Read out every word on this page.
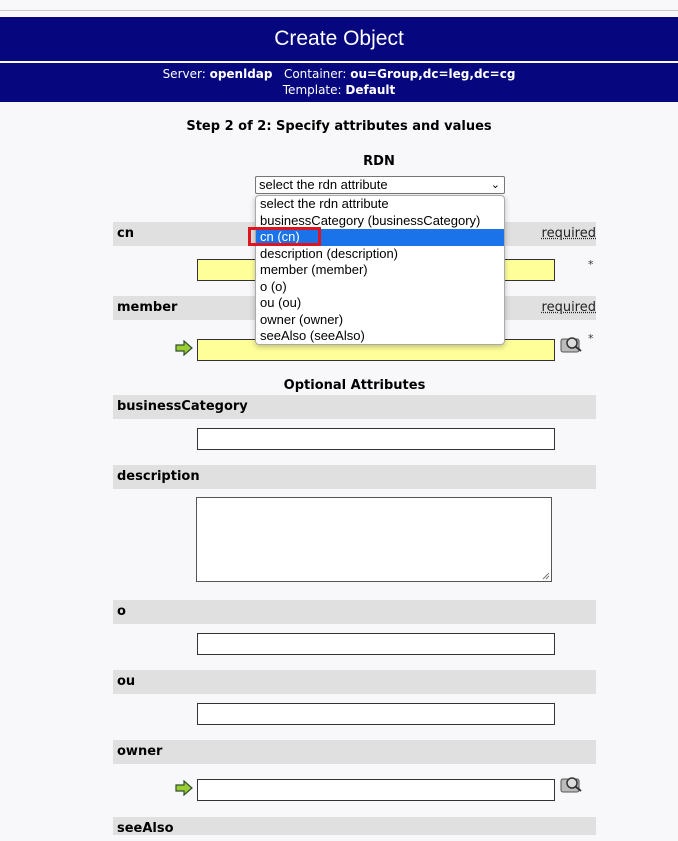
Create Object
Server: openldap Container: ou=Group,dc=leg,dc=cg
Template: Default
Step 2 of 2: Specify attributes and values
RDN
select the rdn attribute	⌄
select the rdn attribute
businessCategory (businessCategory)
cn (cn)
description (description)
member (member)
o (o)
ou (ou)
owner (owner)
seeAlso (seeAlso)
cn	required
*
member	required
*
Optional Attributes
businessCategory
description
o
ou
owner
seeAlso
